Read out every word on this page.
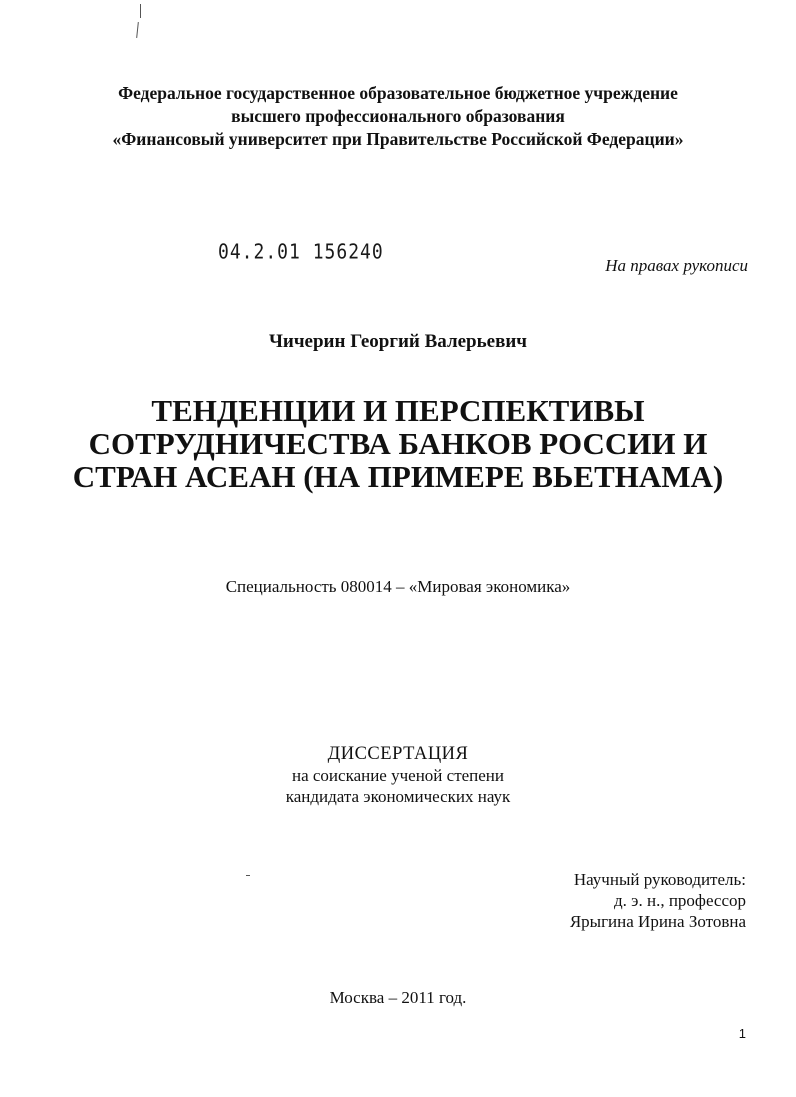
Федеральное государственное образовательное бюджетное учреждение
высшего профессионального образования
«Финансовый университет при Правительстве Российской Федерации»
04.2.01 156240
На правах рукописи
Чичерин Георгий Валерьевич
ТЕНДЕНЦИИ И ПЕРСПЕКТИВЫ
СОТРУДНИЧЕСТВА БАНКОВ РОССИИ И
СТРАН АСЕАН (НА ПРИМЕРЕ ВЬЕТНАМА)
Специальность 080014 – «Мировая экономика»
ДИССЕРТАЦИЯ
на соискание ученой степени
кандидата экономических наук
Научный руководитель:
д. э. н., профессор
Ярыгина Ирина Зотовна
Москва – 2011 год.
1
